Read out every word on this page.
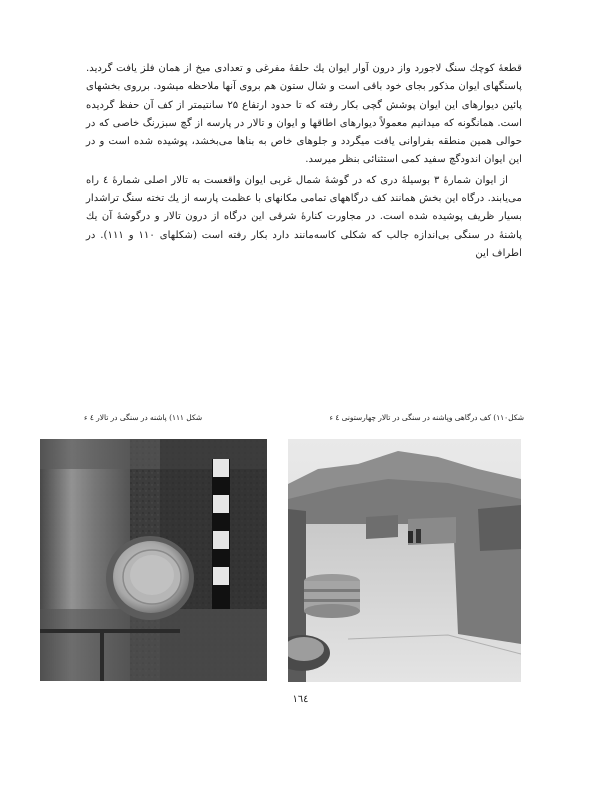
قطعهٔ کوچك سنگ لاجورد واز درون آوار ایوان یك حلقهٔ مفرغی و تعدادی میخ از همان فلز یافت گردید. پاسنگهای ایوان مذکور بجای خود باقی است و شال ستون هم بروی آنها ملاحظه میشود. برروی بخشهای پائین دیوارهای این ایوان پوشش گچی بکار رفته که تا حدود ارتفاع ۲۵ سانتیمتر از کف آن حفظ گردیده است. همانگونه که میدانیم معمولاً دیوارهای اطاقها و ایوان و تالار در پارسه از گچ سبزرنگ خاصی که در حوالی همین منطقه بفراوانی یافت میگردد و جلوهای خاص به بناها می‌بخشد، پوشیده شده است و در این ایوان اندودگچ سفید کمی استثنائی بنظر میرسد.

از ایوان شمارهٔ ۳ بوسیلهٔ دری که در گوشهٔ شمال غربی ایوان واقعست به تالار اصلی شمارهٔ ٤ راه می‌یابند. درگاه این بخش همانند کف درگاههای تمامی مکانهای با عظمت پارسه از یك تخته سنگ تراشدار بسیار ظریف پوشیده شده است. در مجاورت کنارهٔ شرقی این درگاه از درون تالار و درگوشهٔ آن یك پاشنهٔ در سنگی بی‌اندازه جالب که شکلی کاسه‌مانند دارد بکار رفته است (شکلهای ۱۱۰ و ۱۱۱). در اطراف این

شکل ۱۱۱) پاشنه در سنگی در تالار ٤ ء	شکل۱۱۰) کف درگاهی وپاشنه در سنگی در تالار چهارستونی ٤ ء
۱٦٤
